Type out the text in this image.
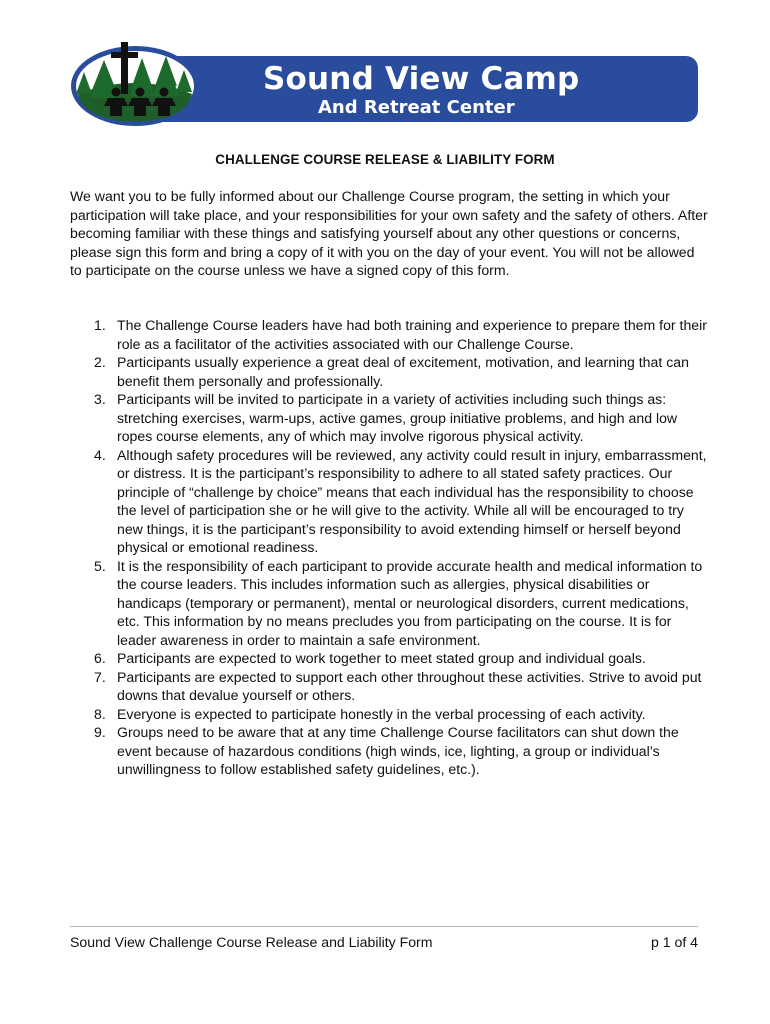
Sound View Camp
And Retreat Center
CHALLENGE COURSE RELEASE & LIABILITY FORM

We want you to be fully informed about our Challenge Course program, the setting in which your participation will take place, and your responsibilities for your own safety and the safety of others. After becoming familiar with these things and satisfying yourself about any other questions or concerns, please sign this form and bring a copy of it with you on the day of your event. You will not be allowed to participate on the course unless we have a signed copy of this form.

1. The Challenge Course leaders have had both training and experience to prepare them for their role as a facilitator of the activities associated with our Challenge Course.
2. Participants usually experience a great deal of excitement, motivation, and learning that can benefit them personally and professionally.
3. Participants will be invited to participate in a variety of activities including such things as: stretching exercises, warm-ups, active games, group initiative problems, and high and low ropes course elements, any of which may involve rigorous physical activity.
4. Although safety procedures will be reviewed, any activity could result in injury, embarrassment, or distress. It is the participant’s responsibility to adhere to all stated safety practices. Our principle of “challenge by choice” means that each individual has the responsibility to choose the level of participation she or he will give to the activity. While all will be encouraged to try new things, it is the participant’s responsibility to avoid extending himself or herself beyond physical or emotional readiness.
5. It is the responsibility of each participant to provide accurate health and medical information to the course leaders. This includes information such as allergies, physical disabilities or handicaps (temporary or permanent), mental or neurological disorders, current medications, etc. This information by no means precludes you from participating on the course. It is for leader awareness in order to maintain a safe environment.
6. Participants are expected to work together to meet stated group and individual goals.
7. Participants are expected to support each other throughout these activities. Strive to avoid put downs that devalue yourself or others.
8. Everyone is expected to participate honestly in the verbal processing of each activity.
9. Groups need to be aware that at any time Challenge Course facilitators can shut down the event because of hazardous conditions (high winds, ice, lighting, a group or individual’s unwillingness to follow established safety guidelines, etc.).
Sound View Challenge Course Release and Liability Form	p 1 of 4
